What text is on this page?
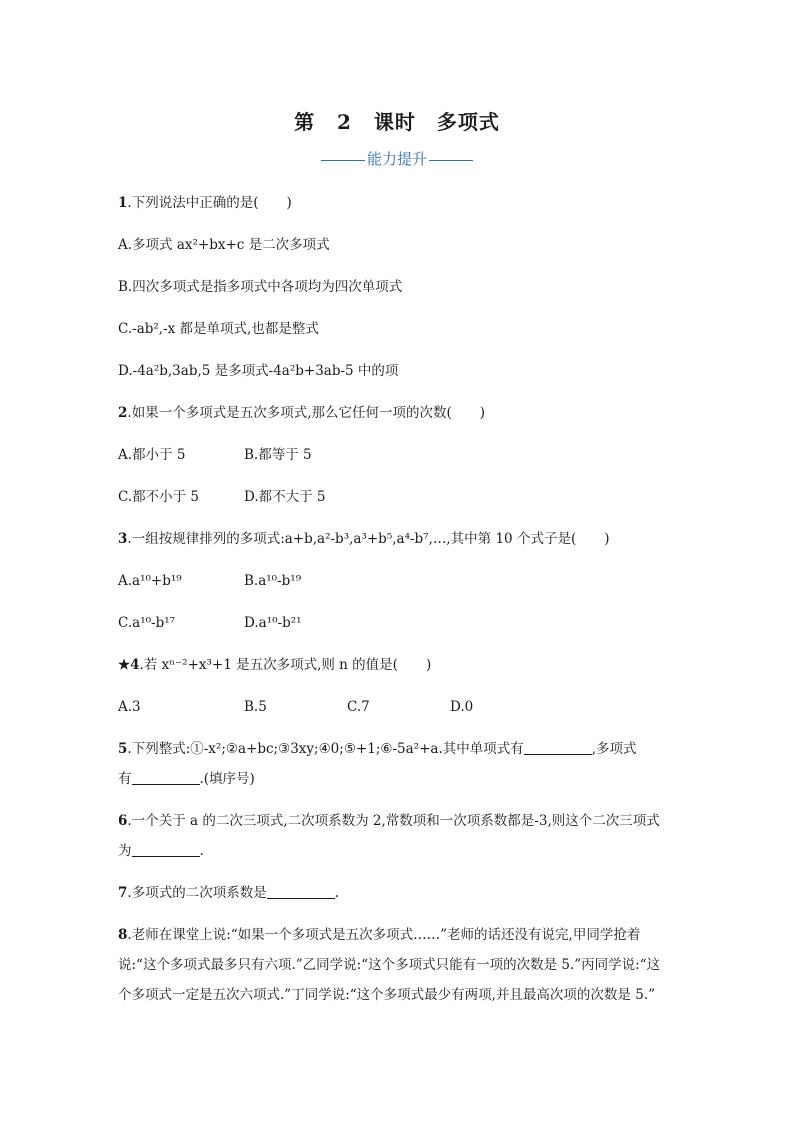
第 2 课时　多项式
能力提升
1.下列说法中正确的是( )
A.多项式 ax²+bx+c 是二次多项式
B.四次多项式是指多项式中各项均为四次单项式
C.-ab²,-x 都是单项式,也都是整式
D.-4a²b,3ab,5 是多项式-4a²b+3ab-5 中的项
2.如果一个多项式是五次多项式,那么它任何一项的次数( )
A.都小于 5	B.都等于 5
C.都不小于 5	D.都不大于 5
3.一组按规律排列的多项式:a+b,a²-b³,a³+b⁵,a⁴-b⁷,…,其中第 10 个式子是( )
A.a¹⁰+b¹⁹	B.a¹⁰-b¹⁹
C.a¹⁰-b¹⁷	D.a¹⁰-b²¹
★4.若 xⁿ⁻²+x³+1 是五次多项式,则 n 的值是( )
A.3	B.5	C.7	D.0
5.下列整式:①-x²;②a+bc;③3xy;④0;⑤+1;⑥-5a²+a.其中单项式有	,多项式
有	.(填序号)
6.一个关于 a 的二次三项式,二次项系数为 2,常数项和一次项系数都是-3,则这个二次三项式
为	.
7.多项式的二次项系数是	.
8.老师在课堂上说:“如果一个多项式是五次多项式……”老师的话还没有说完,甲同学抢着
说:“这个多项式最多只有六项.”乙同学说:“这个多项式只能有一项的次数是 5.”丙同学说:“这
个多项式一定是五次六项式.”丁同学说:“这个多项式最少有两项,并且最高次项的次数是 5.”
